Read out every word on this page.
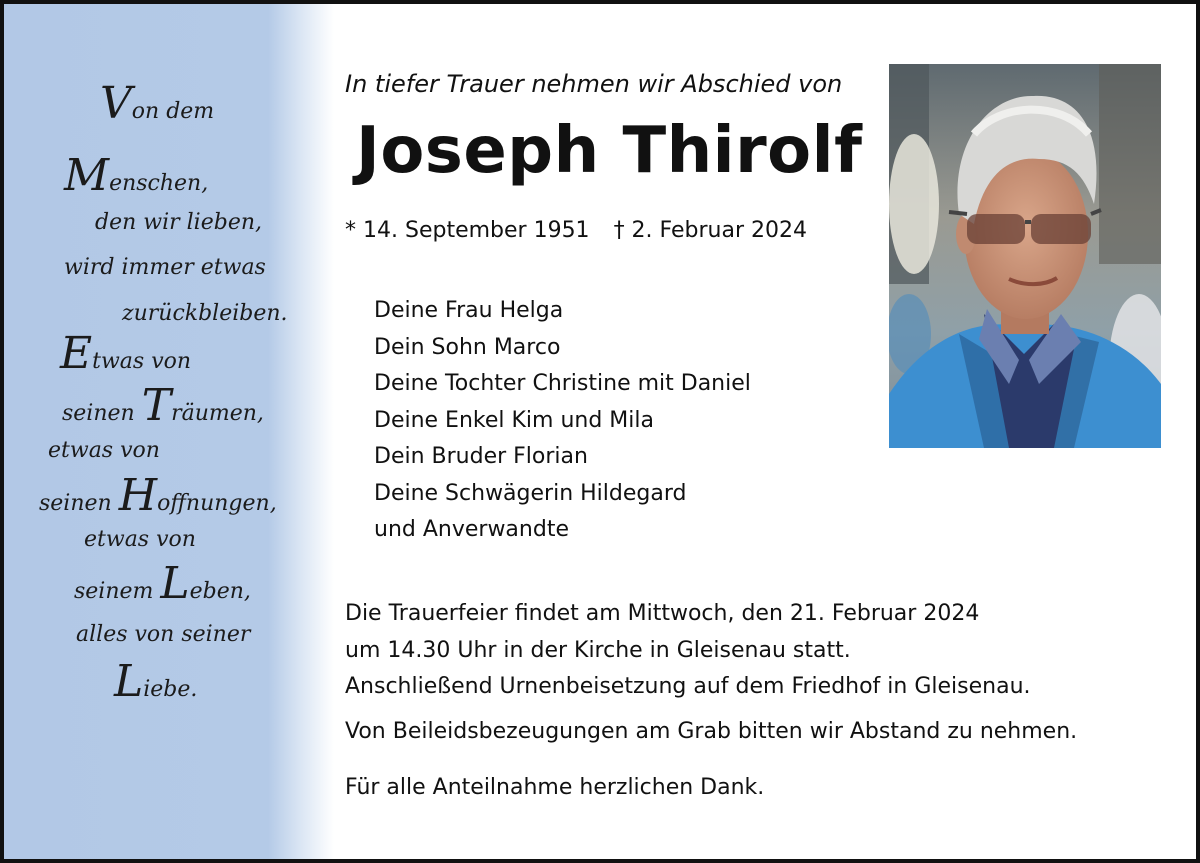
Von dem
Menschen,
den wir lieben,
wird immer etwas
zurückbleiben.
Etwas von
seinen Träumen,
etwas von
seinen Hoffnungen,
etwas von
seinem Leben,
alles von seiner
Liebe.
In tiefer Trauer nehmen wir Abschied von
Joseph Thirolf
* 14. September 1951 † 2. Februar 2024
Deine Frau Helga
Dein Sohn Marco
Deine Tochter Christine mit Daniel
Deine Enkel Kim und Mila
Dein Bruder Florian
Deine Schwägerin Hildegard
und Anverwandte
Die Trauerfeier findet am Mittwoch, den 21. Februar 2024
um 14.30 Uhr in der Kirche in Gleisenau statt.
Anschließend Urnenbeisetzung auf dem Friedhof in Gleisenau.
Von Beileidsbezeugungen am Grab bitten wir Abstand zu nehmen.
Für alle Anteilnahme herzlichen Dank.
